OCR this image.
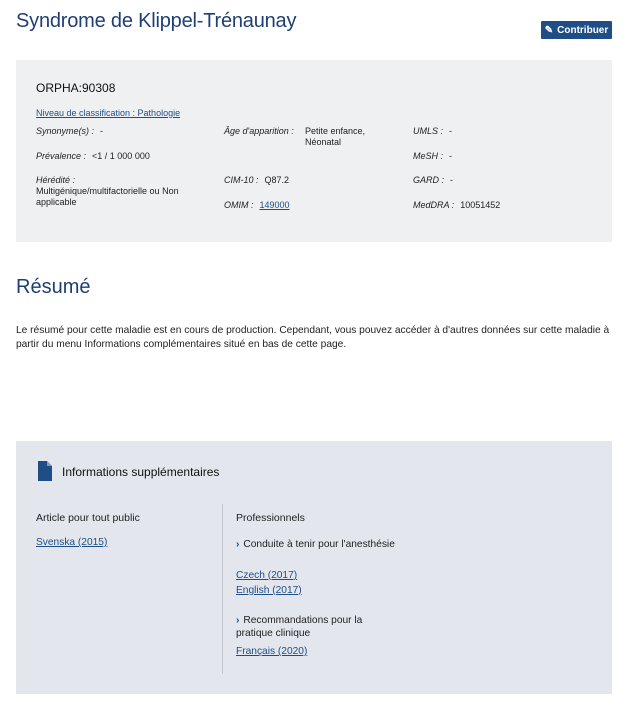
Syndrome de Klippel-Trénaunay	✎ Contribuer
ORPHA:90308
Niveau de classification : Pathologie
Synonyme(s) : -
Prévalence : <1 / 1 000 000
Hérédité :
Multigénique/multifactorielle ou Non applicable
Âge d'apparition : Petite enfance, Néonatal
CIM-10 : Q87.2
OMIM : 149000
UMLS : -
MeSH : -
GARD : -
MedDRA : 10051452
Résumé
Le résumé pour cette maladie est en cours de production. Cependant, vous pouvez accéder à d'autres données sur cette maladie à partir du menu Informations complémentaires situé en bas de cette page.
Informations supplémentaires
Article pour tout public
Svenska (2015)
Professionnels
› Conduite à tenir pour l'anesthésie
Czech (2017)
English (2017)
› Recommandations pour la pratique clinique
Français (2020)
